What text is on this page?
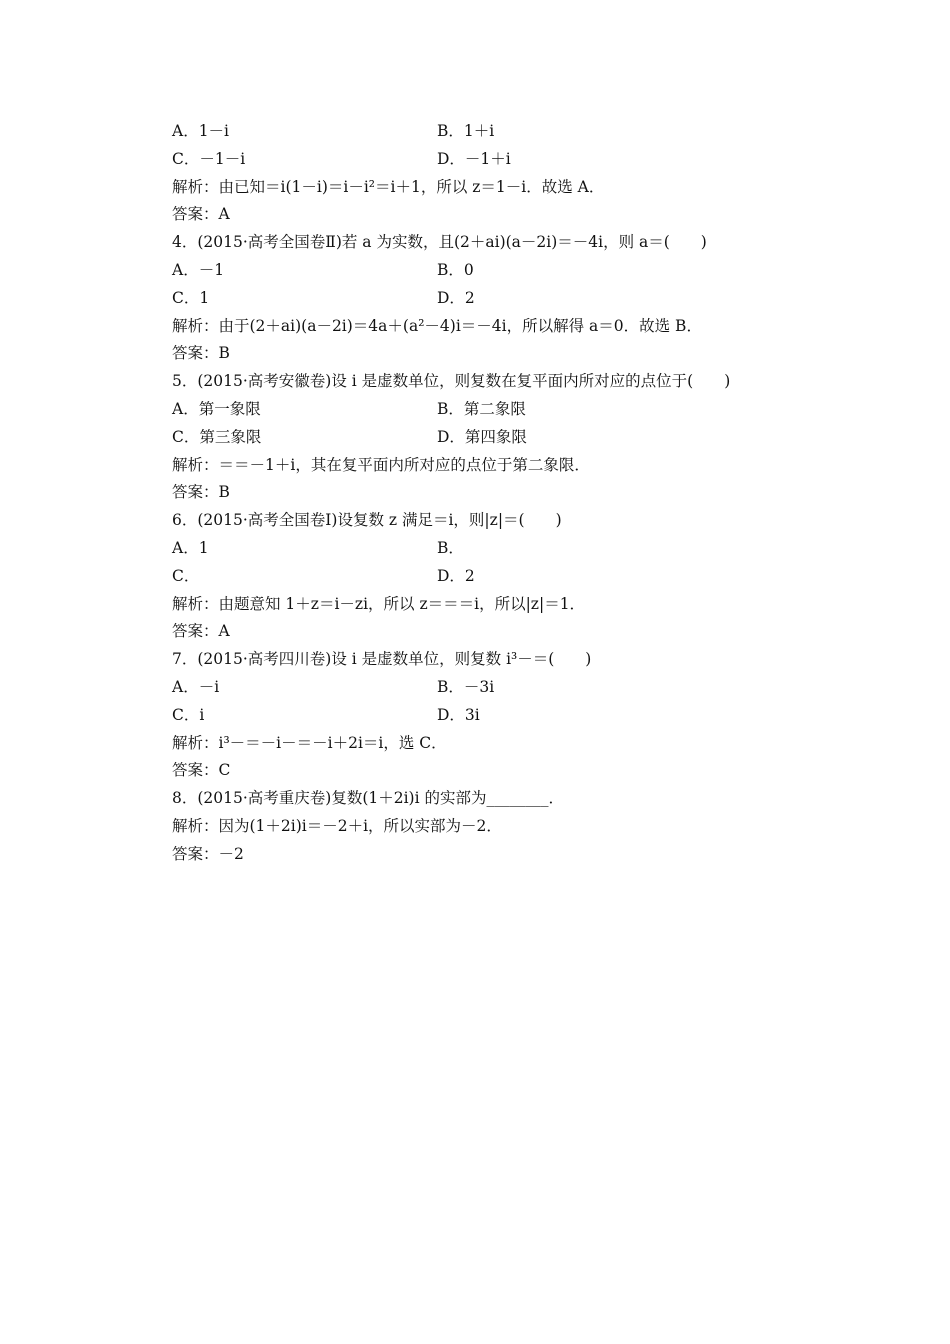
A．1－i	B．1＋i
C．－1－i	D．－1＋i
解析：由已知＝i(1－i)＝i－i²＝i＋1，所以 z＝1－i．故选 A．
答案：A
4．(2015·高考全国卷Ⅱ)若 a 为实数，且(2＋ai)(a－2i)＝－4i，则 a＝(　　)
A．－1	B．0
C．1	D．2
解析：由于(2＋ai)(a－2i)＝4a＋(a²－4)i＝－4i，所以解得 a＝0．故选 B．
答案：B
5．(2015·高考安徽卷)设 i 是虚数单位，则复数在复平面内所对应的点位于(　　)
A．第一象限	B．第二象限
C．第三象限	D．第四象限
解析：＝＝－1＋i，其在复平面内所对应的点位于第二象限．
答案：B
6．(2015·高考全国卷Ⅰ)设复数 z 满足＝i，则|z|＝(　　)
A．1	B．
C．	D．2
解析：由题意知 1＋z＝i－zi，所以 z＝＝＝i，所以|z|＝1．
答案：A
7．(2015·高考四川卷)设 i 是虚数单位，则复数 i³－＝(　　)
A．－i	B．－3i
C．i	D．3i
解析：i³－＝－i－＝－i＋2i＝i，选 C．
答案：C
8．(2015·高考重庆卷)复数(1＋2i)i 的实部为________．
解析：因为(1＋2i)i＝－2＋i，所以实部为－2．
答案：－2
